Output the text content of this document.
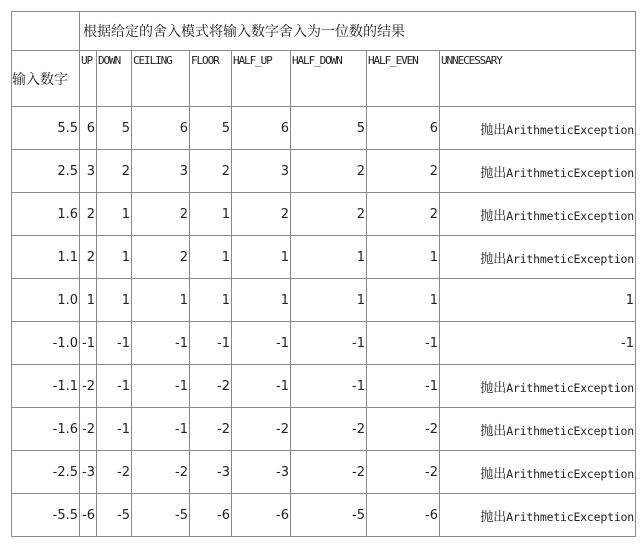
	根据给定的舍入模式将输入数字舍入为一位数的结果							
输入数字	UP	DOWN	CEILING	FLOOR	HALF_UP	HALF_DOWN	HALF_EVEN	UNNECESSARY
5.5	6	5	6	5	6	5	6	抛出ArithmeticException
2.5	3	2	3	2	3	2	2	抛出ArithmeticException
1.6	2	1	2	1	2	2	2	抛出ArithmeticException
1.1	2	1	2	1	1	1	1	抛出ArithmeticException
1.0	1	1	1	1	1	1	1	1
-1.0	-1	-1	-1	-1	-1	-1	-1	-1
-1.1	-2	-1	-1	-2	-1	-1	-1	抛出ArithmeticException
-1.6	-2	-1	-1	-2	-2	-2	-2	抛出ArithmeticException
-2.5	-3	-2	-2	-3	-3	-2	-2	抛出ArithmeticException
-5.5	-6	-5	-5	-6	-6	-5	-6	抛出ArithmeticException
